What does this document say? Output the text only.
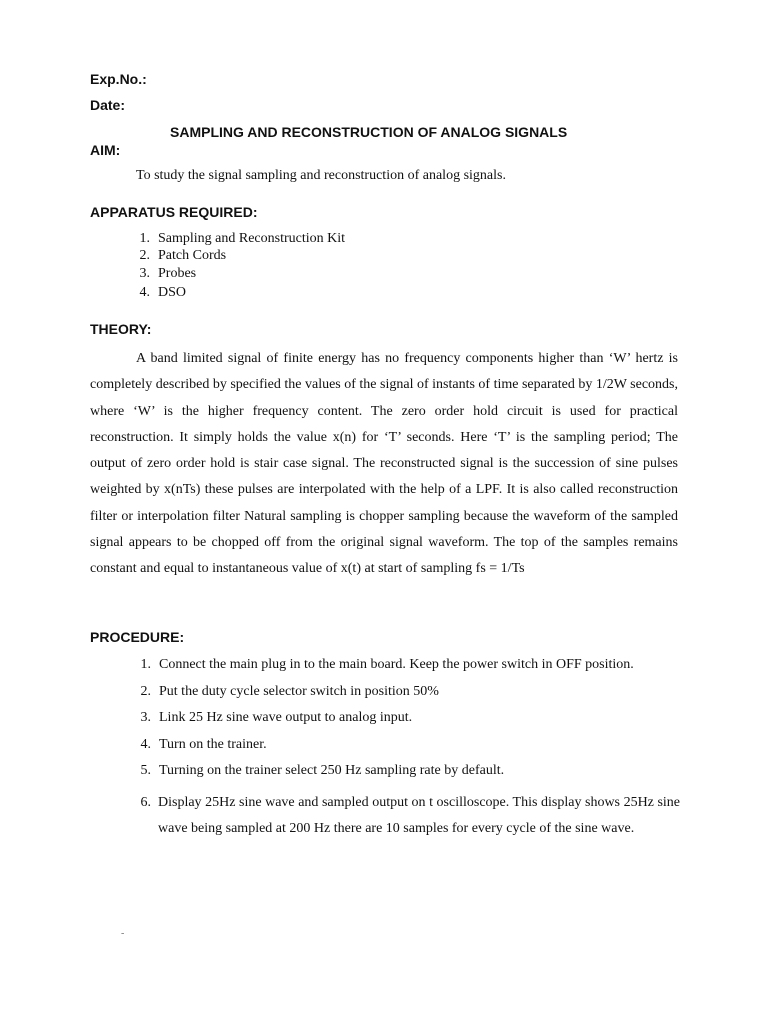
Exp.No.:
Date:
SAMPLING AND RECONSTRUCTION OF ANALOG SIGNALS
AIM:
To study the signal sampling and reconstruction of analog signals.
APPARATUS REQUIRED:
1. Sampling and Reconstruction Kit
2. Patch Cords
3. Probes
4. DSO
THEORY:

A band limited signal of finite energy has no frequency components higher than ‘W’ hertz is completely described by specified the values of the signal of instants of time separated by 1/2W seconds, where ‘W’ is the higher frequency content. The zero order hold circuit is used for practical reconstruction. It simply holds the value x(n) for ‘T’ seconds. Here ‘T’ is the sampling period; The output of zero order hold is stair case signal. The reconstructed signal is the succession of sine pulses weighted by x(nTs) these pulses are interpolated with the help of a LPF. It is also called reconstruction filter or interpolation filter Natural sampling is chopper sampling because the waveform of the sampled signal appears to be chopped off from the original signal waveform. The top of the samples remains constant and equal to instantaneous value of x(t) at start of sampling fs = 1/Ts

PROCEDURE:
1. Connect the main plug in to the main board. Keep the power switch in OFF position.
2. Put the duty cycle selector switch in position 50%
3. Link 25 Hz sine wave output to analog input.
4. Turn on the trainer.
5. Turning on the trainer select 250 Hz sampling rate by default.
6. Display 25Hz sine wave and sampled output on t oscilloscope. This display shows 25Hz sine wave being sampled at 200 Hz there are 10 samples for every cycle of the sine wave.
-
